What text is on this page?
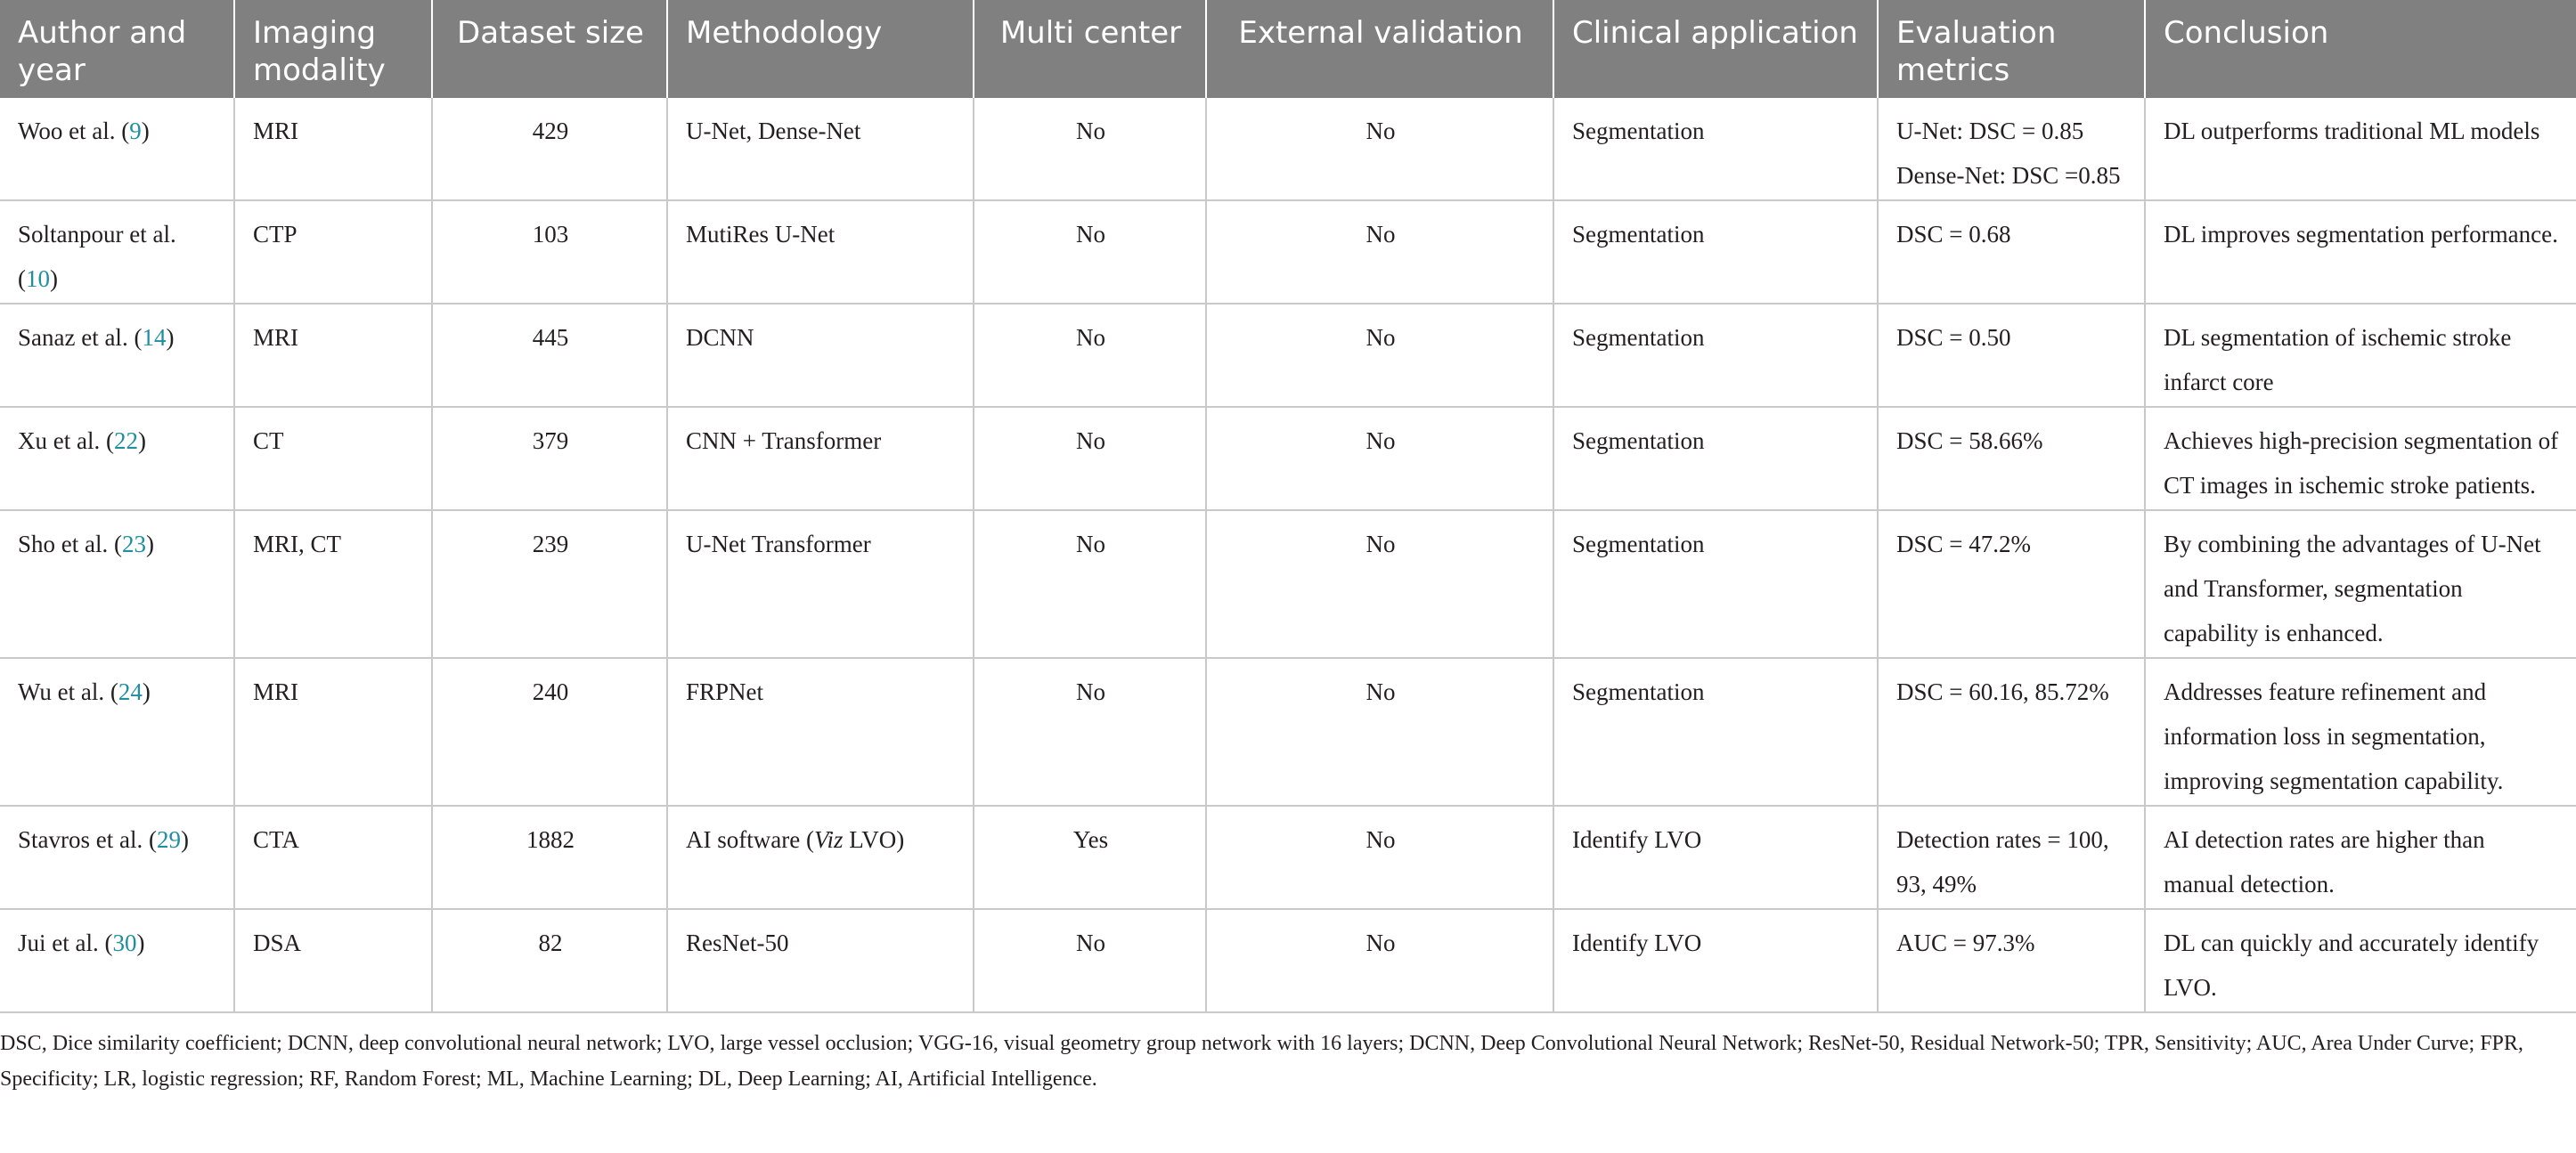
Author and year	Imaging modality	Dataset size	Methodology	Multi center	External validation	Clinical application	Evaluation metrics	Conclusion
Woo et al. (9)	MRI	429	U-Net, Dense-Net	No	No	Segmentation	U-Net: DSC = 0.85 Dense-Net: DSC =0.85	DL outperforms traditional ML models
Soltanpour et al. (10)	CTP	103	MutiRes U-Net	No	No	Segmentation	DSC = 0.68	DL improves segmentation performance.
Sanaz et al. (14)	MRI	445	DCNN	No	No	Segmentation	DSC = 0.50	DL segmentation of ischemic stroke infarct core
Xu et al. (22)	CT	379	CNN + Transformer	No	No	Segmentation	DSC = 58.66%	Achieves high-precision segmentation of CT images in ischemic stroke patients.
Sho et al. (23)	MRI, CT	239	U-Net Transformer	No	No	Segmentation	DSC = 47.2%	By combining the advantages of U-Net and Transformer, segmentation capability is enhanced.
Wu et al. (24)	MRI	240	FRPNet	No	No	Segmentation	DSC = 60.16, 85.72%	Addresses feature refinement and information loss in segmentation, improving segmentation capability.
Stavros et al. (29)	CTA	1882	AI software (Viz LVO)	Yes	No	Identify LVO	Detection rates = 100, 93, 49%	AI detection rates are higher than manual detection.
Jui et al. (30)	DSA	82	ResNet-50	No	No	Identify LVO	AUC = 97.3%	DL can quickly and accurately identify LVO.
DSC, Dice similarity coefficient; DCNN, deep convolutional neural network; LVO, large vessel occlusion; VGG-16, visual geometry group network with 16 layers; DCNN, Deep Convolutional Neural Network; ResNet-50, Residual Network-50; TPR, Sensitivity; AUC, Area Under Curve; FPR, Specificity; LR, logistic regression; RF, Random Forest; ML, Machine Learning; DL, Deep Learning; AI, Artificial Intelligence.
